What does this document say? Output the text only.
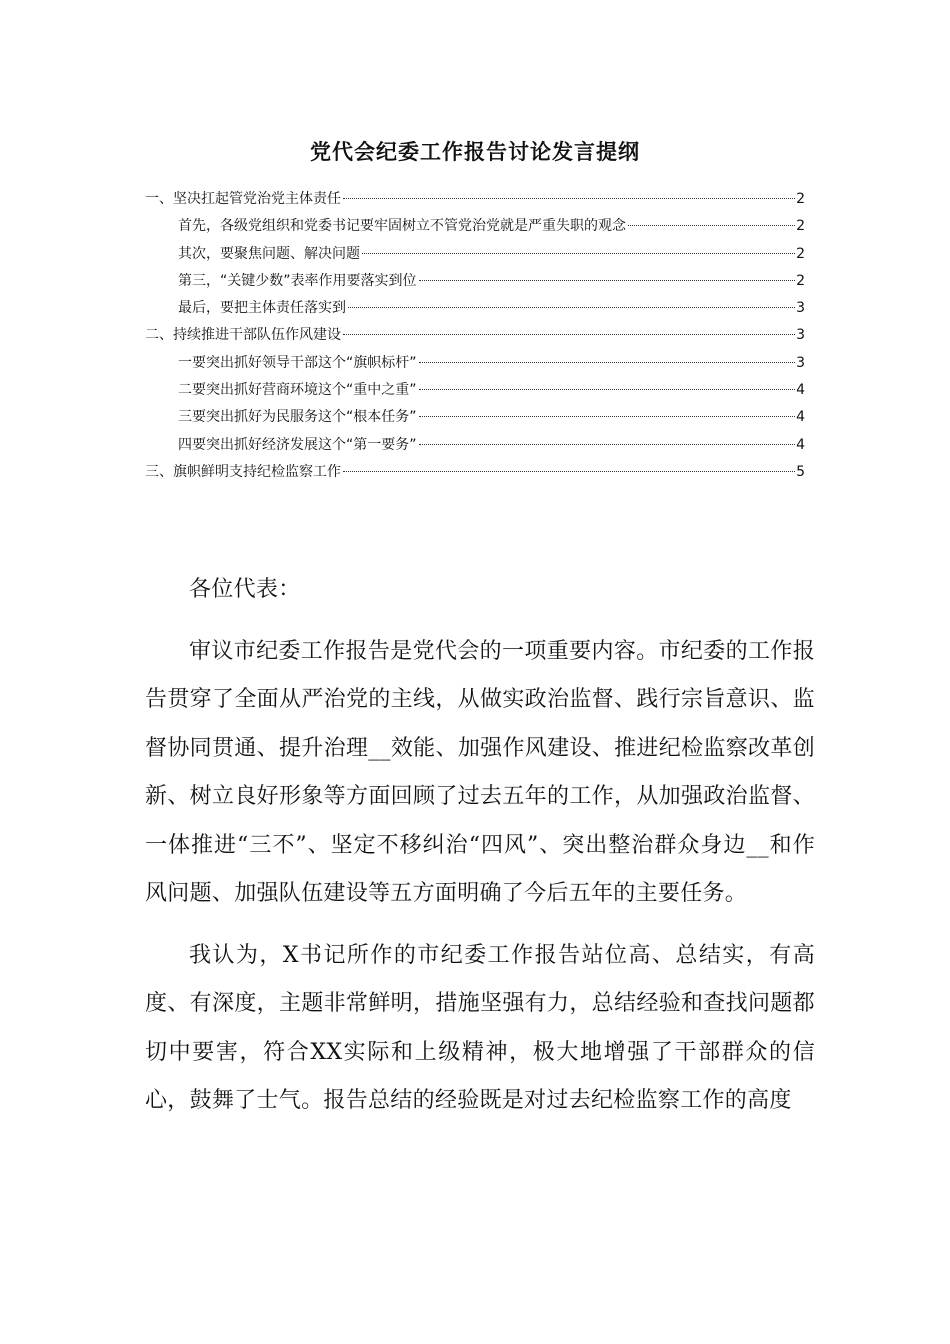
党代会纪委工作报告讨论发言提纲
一、坚决扛起管党治党主体责任	2
首先，各级党组织和党委书记要牢固树立不管党治党就是严重失职的观念	2
其次，要聚焦问题、解决问题	2
第三，“关键少数”表率作用要落实到位	2
最后，要把主体责任落实到	3
二、持续推进干部队伍作风建设	3
一要突出抓好领导干部这个“旗帜标杆”	3
二要突出抓好营商环境这个“重中之重”	4
三要突出抓好为民服务这个“根本任务”	4
四要突出抓好经济发展这个“第一要务”	4
三、旗帜鲜明支持纪检监察工作	5

各位代表：

审议市纪委工作报告是党代会的一项重要内容。市纪委的工作报告贯穿了全面从严治党的主线，从做实政治监督、践行宗旨意识、监督协同贯通、提升治理__效能、加强作风建设、推进纪检监察改革创新、树立良好形象等方面回顾了过去五年的工作，从加强政治监督、一体推进“三不”、坚定不移纠治“四风”、突出整治群众身边__和作风问题、加强队伍建设等五方面明确了今后五年的主要任务。

我认为，X书记所作的市纪委工作报告站位高、总结实，有高度、有深度，主题非常鲜明，措施坚强有力，总结经验和查找问题都切中要害，符合XX实际和上级精神，极大地增强了干部群众的信心，鼓舞了士气。报告总结的经验既是对过去纪检监察工作的高度
